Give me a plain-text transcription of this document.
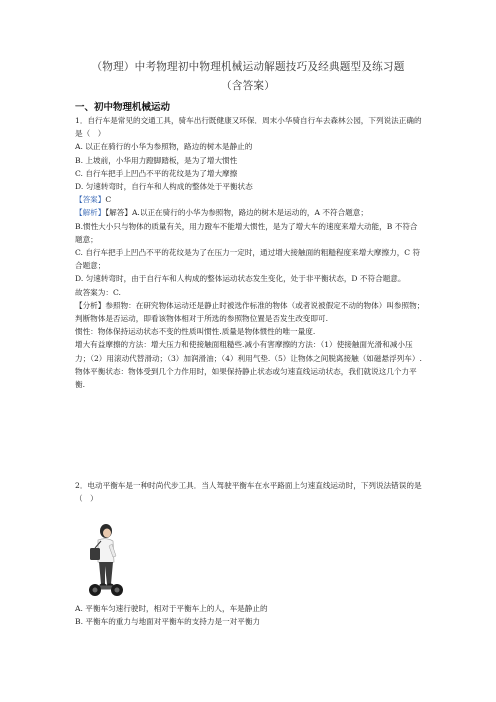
（物理）中考物理初中物理机械运动解题技巧及经典题型及练习题
（含答案）
一、初中物理机械运动

1．自行车是常见的交通工具，骑车出行既健康又环保．周末小华骑自行车去森林公园，下列说法正确的是（　）

A. 以正在骑行的小华为参照物，路边的树木是静止的

B. 上坡前，小华用力蹬脚踏板，是为了增大惯性

C. 自行车把手上凹凸不平的花纹是为了增大摩擦

D. 匀速转弯时，自行车和人构成的整体处于平衡状态

【答案】C

【解析】【解答】A.以正在骑行的小华为参照物，路边的树木是运动的，A 不符合题意；

B.惯性大小只与物体的质量有关，用力蹬车不能增大惯性，是为了增大车的速度来增大动能，B 不符合题意；

C. 自行车把手上凹凸不平的花纹是为了在压力一定时，通过增大接触面的粗糙程度来增大摩擦力，C 符合题意；

D. 匀速转弯时，由于自行车和人构成的整体运动状态发生变化，处于非平衡状态，D 不符合题意。

故答案为：C.

【分析】参照物：在研究物体运动还是静止时被选作标准的物体（或者说被假定不动的物体）叫参照物；判断物体是否运动，即看该物体相对于所选的参照物位置是否发生改变即可.

惯性：物体保持运动状态不变的性质叫惯性.质量是物体惯性的唯一量度.

增大有益摩擦的方法：增大压力和使接触面粗糙些.减小有害摩擦的方法：（1）使接触面光滑和减小压力；（2）用滚动代替滑动；（3）加润滑油；（4）利用气垫.（5）让物体之间脱离接触（如磁悬浮列车）.

物体平衡状态：物体受到几个力作用时，如果保持静止状态或匀速直线运动状态，我们就说这几个力平衡.

2．电动平衡车是一种时尚代步工具．当人驾驶平衡车在水平路面上匀速直线运动时，下列说法错误的是（　）

A. 平衡车匀速行驶时，相对于平衡车上的人，车是静止的

B. 平衡车的重力与地面对平衡车的支持力是一对平衡力
